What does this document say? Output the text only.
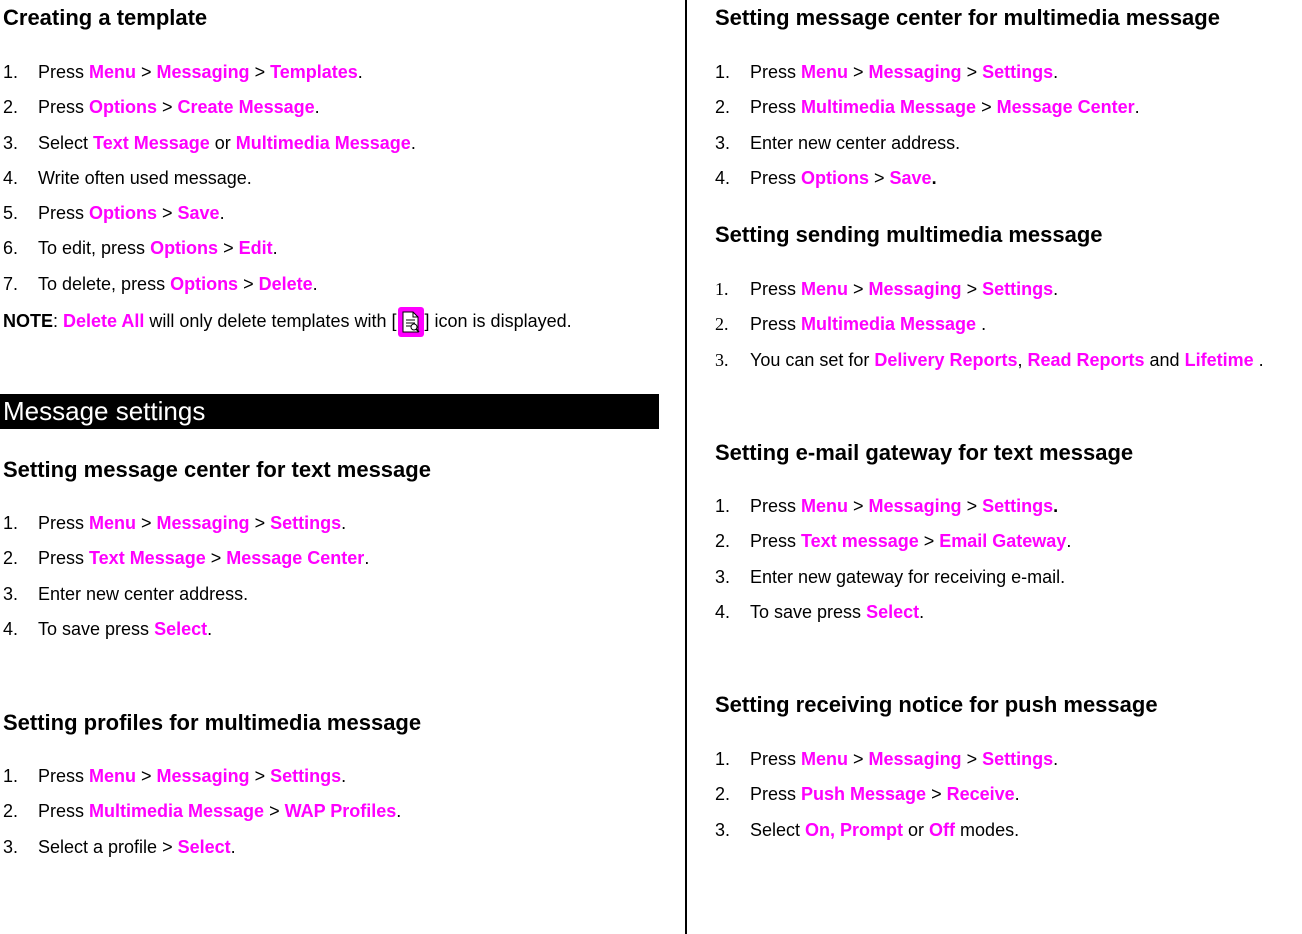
Creating a template
1. Press Menu > Messaging > Templates.
2. Press Options > Create Message.
3. Select Text Message or Multimedia Message.
4. Write often used message.
5. Press Options > Save.
6. To edit, press Options > Edit.
7. To delete, press Options > Delete.
NOTE: Delete All will only delete templates with [ ] icon is displayed.
Message settings
Setting message center for text message
1. Press Menu > Messaging > Settings.
2. Press Text Message > Message Center.
3. Enter new center address.
4. To save press Select.
Setting profiles for multimedia message
1. Press Menu > Messaging > Settings.
2. Press Multimedia Message > WAP Profiles.
3. Select a profile > Select.
Setting message center for multimedia message
1. Press Menu > Messaging > Settings.
2. Press Multimedia Message > Message Center.
3. Enter new center address.
4. Press Options > Save.
Setting sending multimedia message
1. Press Menu > Messaging > Settings.
2. Press Multimedia Message .
3. You can set for Delivery Reports, Read Reports and Lifetime .
Setting e-mail gateway for text message
1. Press Menu > Messaging > Settings.
2. Press Text message > Email Gateway.
3. Enter new gateway for receiving e-mail.
4. To save press Select.
Setting receiving notice for push message
1. Press Menu > Messaging > Settings.
2. Press Push Message > Receive.
3. Select On, Prompt or Off modes.
